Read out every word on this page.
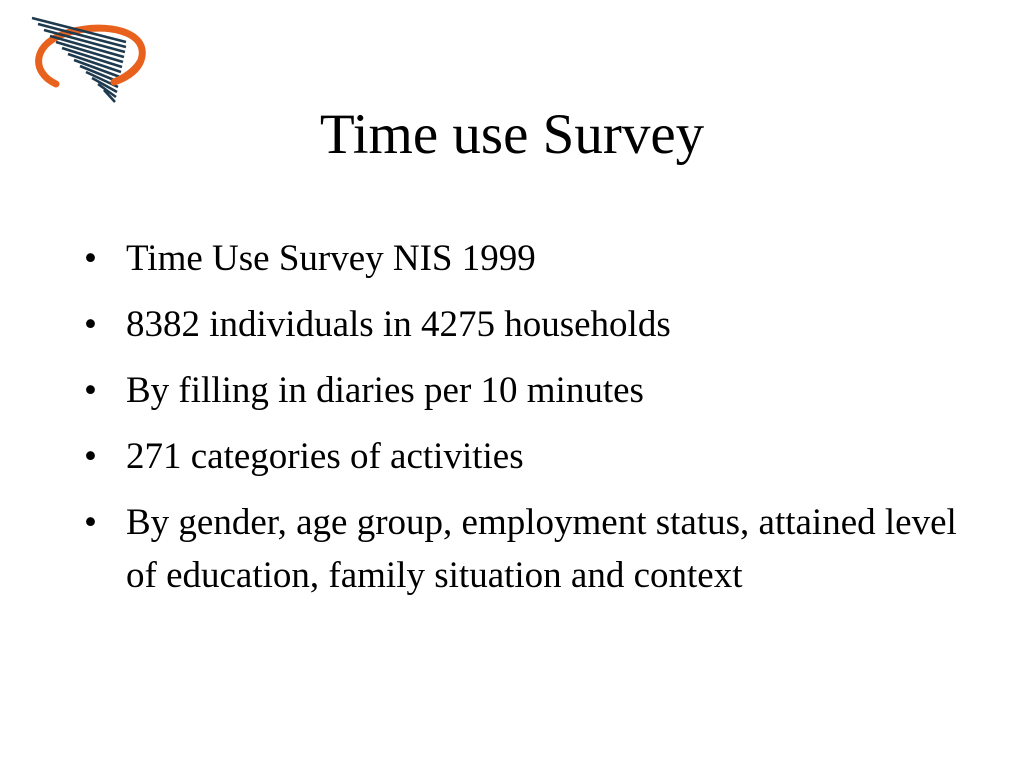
Time use Survey
• Time Use Survey NIS 1999
• 8382 individuals in 4275 households
• By filling in diaries per 10 minutes
• 271 categories of activities
• By gender, age group, employment status, attained level of education, family situation and context
